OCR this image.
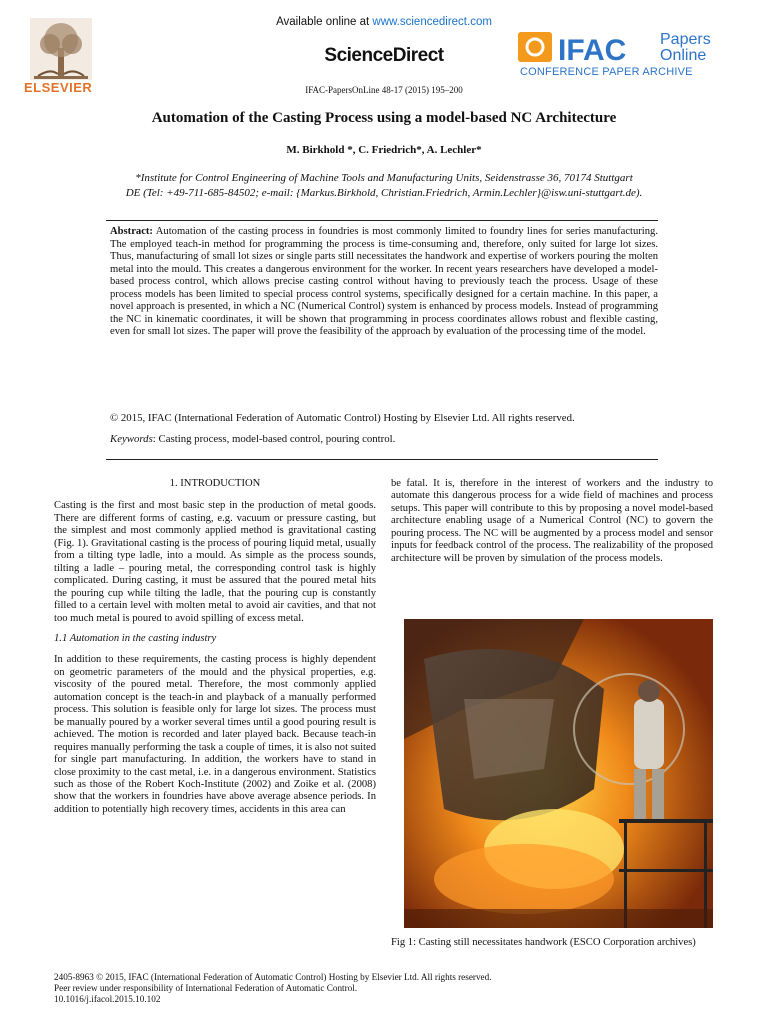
ELSEVIER
Available online at www.sciencedirect.com
ScienceDirect
IFAC-PapersOnLine 48-17 (2015) 195–200
IFAC Papers
Online
CONFERENCE PAPER ARCHIVE
Automation of the Casting Process using a model-based NC Architecture
M. Birkhold *, C. Friedrich*, A. Lechler*
*Institute for Control Engineering of Machine Tools and Manufacturing Units, Seidenstrasse 36, 70174 Stuttgart
DE (Tel: +49-711-685-84502; e-mail: {Markus.Birkhold, Christian.Friedrich, Armin.Lechler}@isw.uni-stuttgart.de).
Abstract: Automation of the casting process in foundries is most commonly limited to foundry lines for series manufacturing. The employed teach-in method for programming the process is time-consuming and, therefore, only suited for large lot sizes. Thus, manufacturing of small lot sizes or single parts still necessitates the handwork and expertise of workers pouring the molten metal into the mould. This creates a dangerous environment for the worker. In recent years researchers have developed a model-based process control, which allows precise casting control without having to previously teach the process. Usage of these process models has been limited to special process control systems, specifically designed for a certain machine. In this paper, a novel approach is presented, in which a NC (Numerical Control) system is enhanced by process models. Instead of programming the NC in kinematic coordinates, it will be shown that programming in process coordinates allows robust and flexible casting, even for small lot sizes. The paper will prove the feasibility of the approach by evaluation of the processing time of the model.
© 2015, IFAC (International Federation of Automatic Control) Hosting by Elsevier Ltd. All rights reserved.
Keywords: Casting process, model-based control, pouring control.
1. INTRODUCTION

Casting is the first and most basic step in the production of metal goods. There are different forms of casting, e.g. vacuum or pressure casting, but the simplest and most commonly applied method is gravitational casting (Fig. 1). Gravitational casting is the process of pouring liquid metal, usually from a tilting type ladle, into a mould. As simple as the process sounds, tilting a ladle – pouring metal, the corresponding control task is highly complicated. During casting, it must be assured that the poured metal hits the pouring cup while tilting the ladle, that the pouring cup is constantly filled to a certain level with molten metal to avoid air cavities, and that not too much metal is poured to avoid spilling of excess metal.

1.1 Automation in the casting industry

In addition to these requirements, the casting process is highly dependent on geometric parameters of the mould and the physical properties, e.g. viscosity of the poured metal. Therefore, the most commonly applied automation concept is the teach-in and playback of a manually performed process. This solution is feasible only for large lot sizes. The process must be manually poured by a worker several times until a good pouring result is achieved. The motion is recorded and later played back. Because teach-in requires manually performing the task a couple of times, it is also not suited for single part manufacturing. In addition, the workers have to stand in close proximity to the cast metal, i.e. in a dangerous environment. Statistics such as those of the Robert Koch-Institute (2002) and Zoike et al. (2008) show that the workers in foundries have above average absence periods. In addition to potentially high recovery times, accidents in this area can

be fatal. It is, therefore in the interest of workers and the industry to automate this dangerous process for a wide field of machines and process setups. This paper will contribute to this by proposing a novel model-based architecture enabling usage of a Numerical Control (NC) to govern the pouring process. The NC will be augmented by a process model and sensor inputs for feedback control of the process. The realizability of the proposed architecture will be proven by simulation of the process models.

Fig 1: Casting still necessitates handwork (ESCO Corporation archives)
2405-8963 © 2015, IFAC (International Federation of Automatic Control) Hosting by Elsevier Ltd. All rights reserved.
Peer review under responsibility of International Federation of Automatic Control.
10.1016/j.ifacol.2015.10.102
